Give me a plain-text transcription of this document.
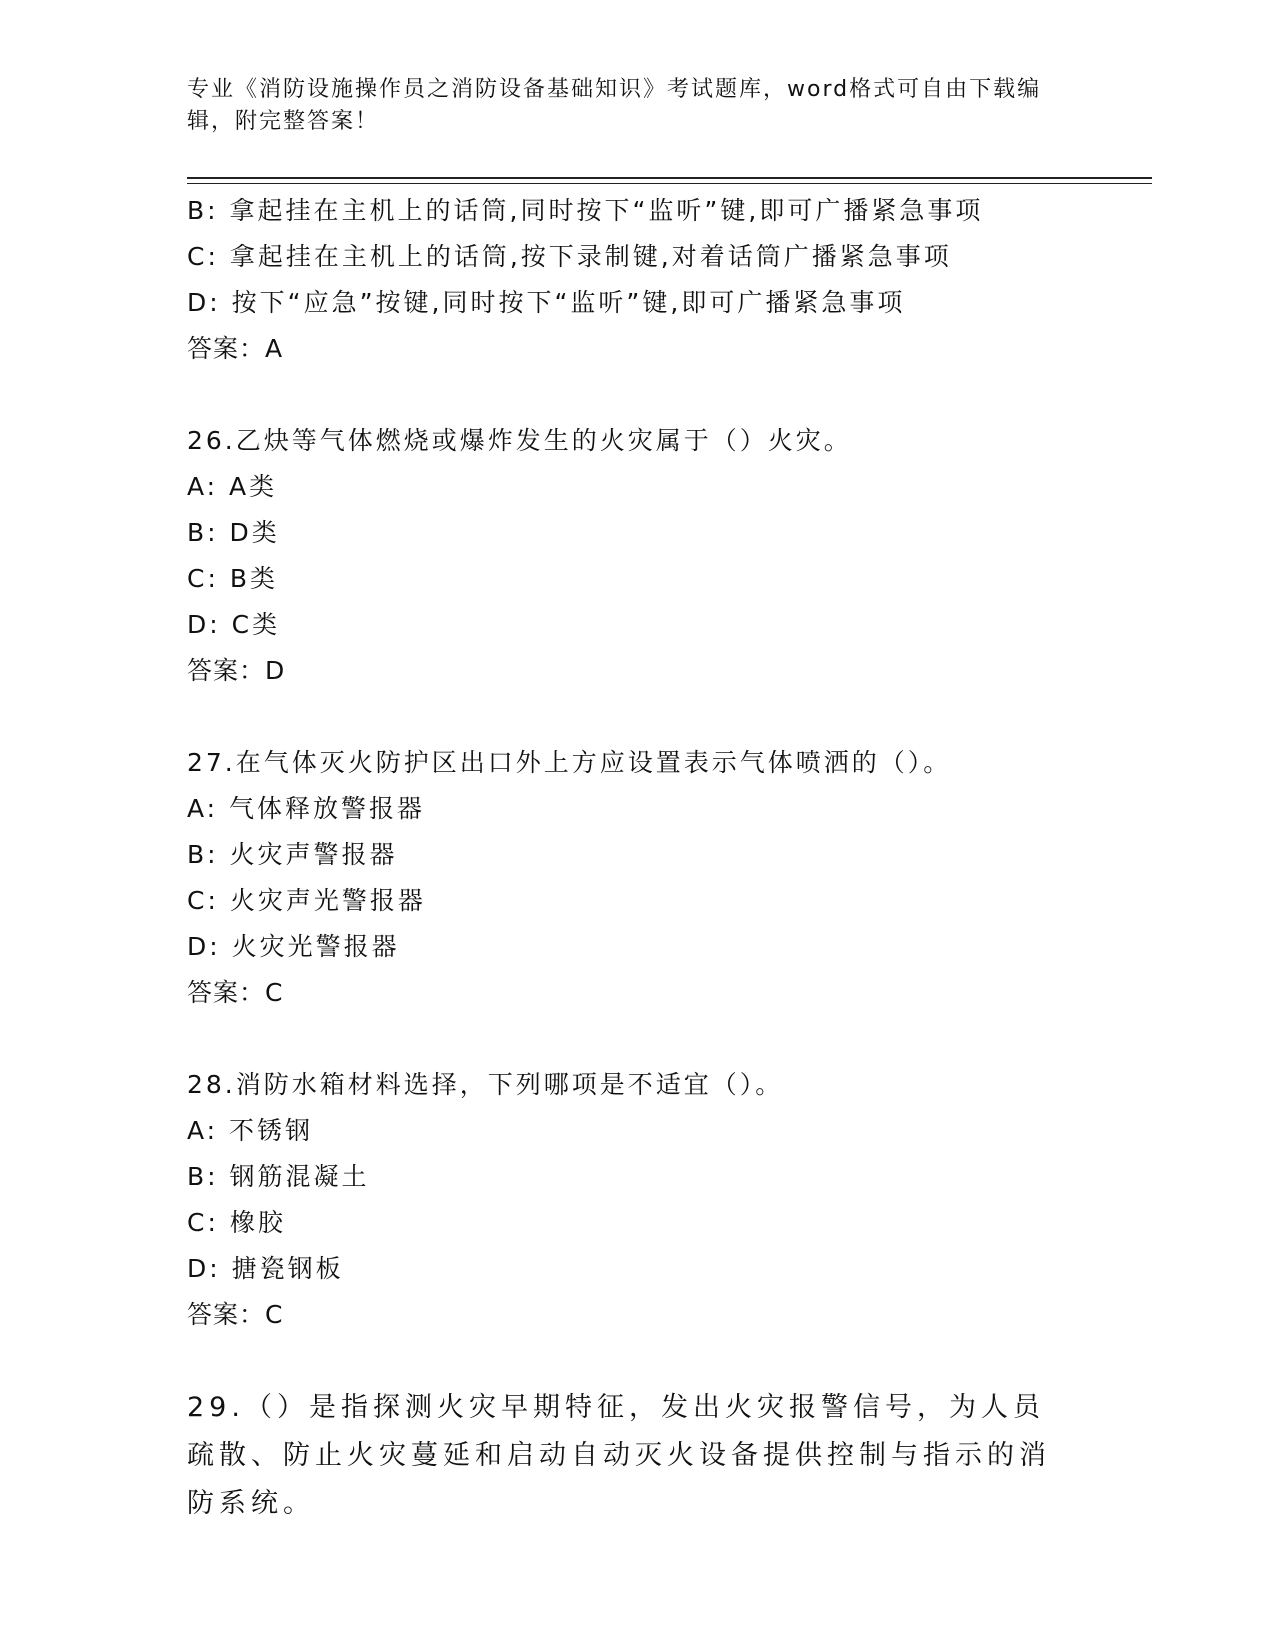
专业《消防设施操作员之消防设备基础知识》考试题库，word格式可自由下载编辑，附完整答案！
B: 拿起挂在主机上的话筒,同时按下“监听”键,即可广播紧急事项
C: 拿起挂在主机上的话筒,按下录制键,对着话筒广播紧急事项
D: 按下“应急”按键,同时按下“监听”键,即可广播紧急事项
答案：A
26.乙炔等气体燃烧或爆炸发生的火灾属于（）火灾。
A: A类
B: D类
C: B类
D: C类
答案：D
27.在气体灭火防护区出口外上方应设置表示气体喷洒的（）。
A: 气体释放警报器
B: 火灾声警报器
C: 火灾声光警报器
D: 火灾光警报器
答案：C
28.消防水箱材料选择，下列哪项是不适宜（）。
A: 不锈钢
B: 钢筋混凝土
C: 橡胶
D: 搪瓷钢板
答案：C
29.（）是指探测火灾早期特征，发出火灾报警信号，为人员疏散、防止火灾蔓延和启动自动灭火设备提供控制与指示的消防系统。
